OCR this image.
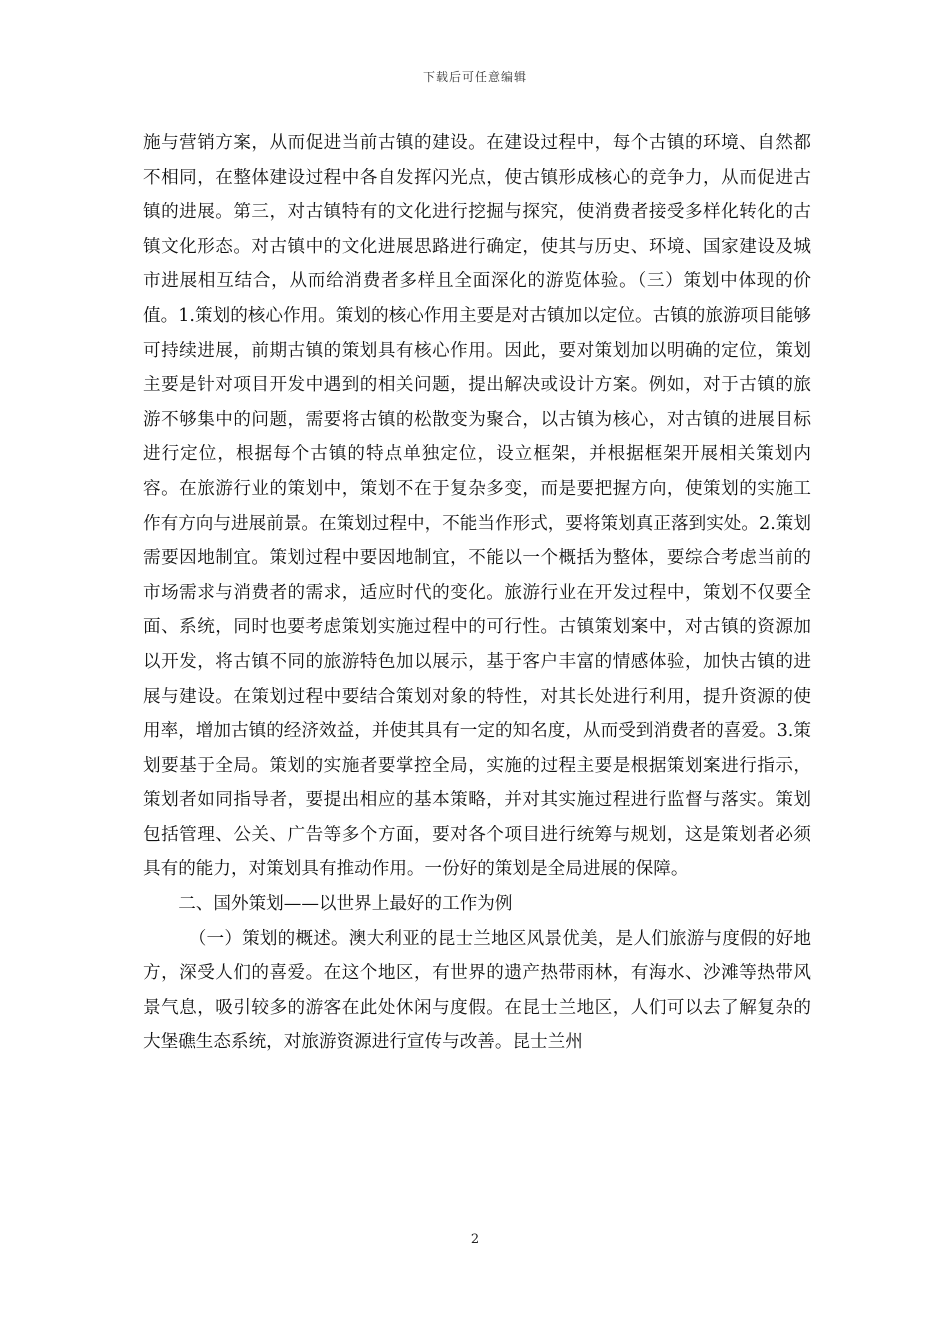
下载后可任意编辑

施与营销方案，从而促进当前古镇的建设。在建设过程中，每个古镇的环境、自然都不相同，在整体建设过程中各自发挥闪光点，使古镇形成核心的竞争力，从而促进古镇的进展。第三，对古镇特有的文化进行挖掘与探究，使消费者接受多样化转化的古镇文化形态。对古镇中的文化进展思路进行确定，使其与历史、环境、国家建设及城市进展相互结合，从而给消费者多样且全面深化的游览体验。（三）策划中体现的价值。1.策划的核心作用。策划的核心作用主要是对古镇加以定位。古镇的旅游项目能够可持续进展，前期古镇的策划具有核心作用。因此，要对策划加以明确的定位，策划主要是针对项目开发中遇到的相关问题，提出解决或设计方案。例如，对于古镇的旅游不够集中的问题，需要将古镇的松散变为聚合，以古镇为核心，对古镇的进展目标进行定位，根据每个古镇的特点单独定位，设立框架，并根据框架开展相关策划内容。在旅游行业的策划中，策划不在于复杂多变，而是要把握方向，使策划的实施工作有方向与进展前景。在策划过程中，不能当作形式，要将策划真正落到实处。2.策划需要因地制宜。策划过程中要因地制宜，不能以一个概括为整体，要综合考虑当前的市场需求与消费者的需求，适应时代的变化。旅游行业在开发过程中，策划不仅要全面、系统，同时也要考虑策划实施过程中的可行性。古镇策划案中，对古镇的资源加以开发，将古镇不同的旅游特色加以展示，基于客户丰富的情感体验，加快古镇的进展与建设。在策划过程中要结合策划对象的特性，对其长处进行利用，提升资源的使用率，增加古镇的经济效益，并使其具有一定的知名度，从而受到消费者的喜爱。3.策划要基于全局。策划的实施者要掌控全局，实施的过程主要是根据策划案进行指示，策划者如同指导者，要提出相应的基本策略，并对其实施过程进行监督与落实。策划包括管理、公关、广告等多个方面，要对各个项目进行统筹与规划，这是策划者必须具有的能力，对策划具有推动作用。一份好的策划是全局进展的保障。

二、国外策划——以世界上最好的工作为例

（一）策划的概述。澳大利亚的昆士兰地区风景优美，是人们旅游与度假的好地方，深受人们的喜爱。在这个地区，有世界的遗产热带雨林，有海水、沙滩等热带风景气息，吸引较多的游客在此处休闲与度假。在昆士兰地区，人们可以去了解复杂的大堡礁生态系统，对旅游资源进行宣传与改善。昆士兰州

2
